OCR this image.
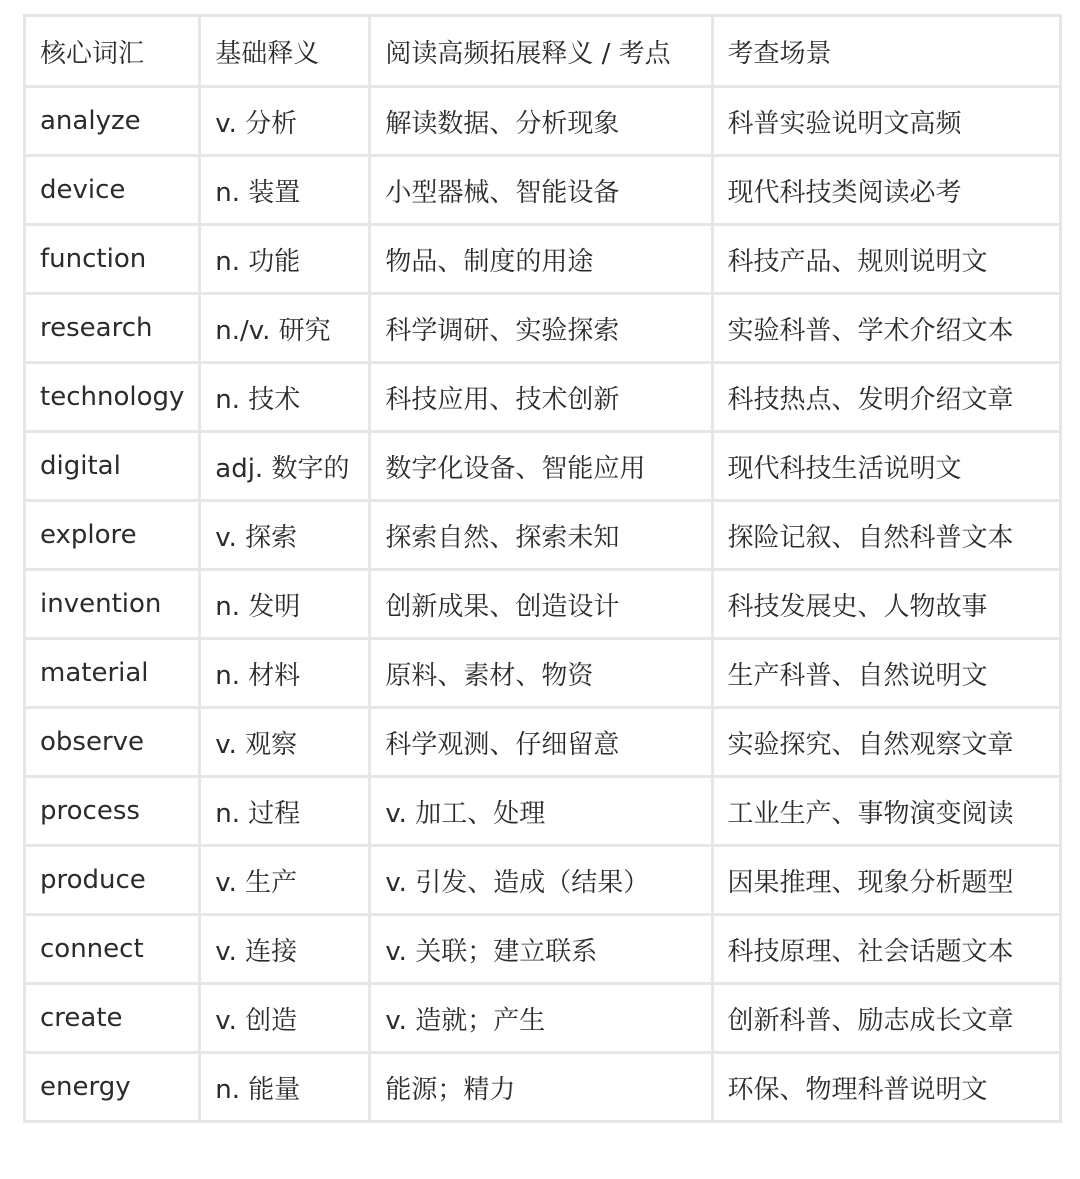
核心词汇	基础释义	阅读高频拓展释义 / 考点	考查场景
analyze	v. 分析	解读数据、分析现象	科普实验说明文高频
device	n. 装置	小型器械、智能设备	现代科技类阅读必考
function	n. 功能	物品、制度的用途	科技产品、规则说明文
research	n./v. 研究	科学调研、实验探索	实验科普、学术介绍文本
technology	n. 技术	科技应用、技术创新	科技热点、发明介绍文章
digital	adj. 数字的	数字化设备、智能应用	现代科技生活说明文
explore	v. 探索	探索自然、探索未知	探险记叙、自然科普文本
invention	n. 发明	创新成果、创造设计	科技发展史、人物故事
material	n. 材料	原料、素材、物资	生产科普、自然说明文
observe	v. 观察	科学观测、仔细留意	实验探究、自然观察文章
process	n. 过程	v. 加工、处理	工业生产、事物演变阅读
produce	v. 生产	v. 引发、造成（结果）	因果推理、现象分析题型
connect	v. 连接	v. 关联；建立联系	科技原理、社会话题文本
create	v. 创造	v. 造就；产生	创新科普、励志成长文章
energy	n. 能量	能源；精力	环保、物理科普说明文
